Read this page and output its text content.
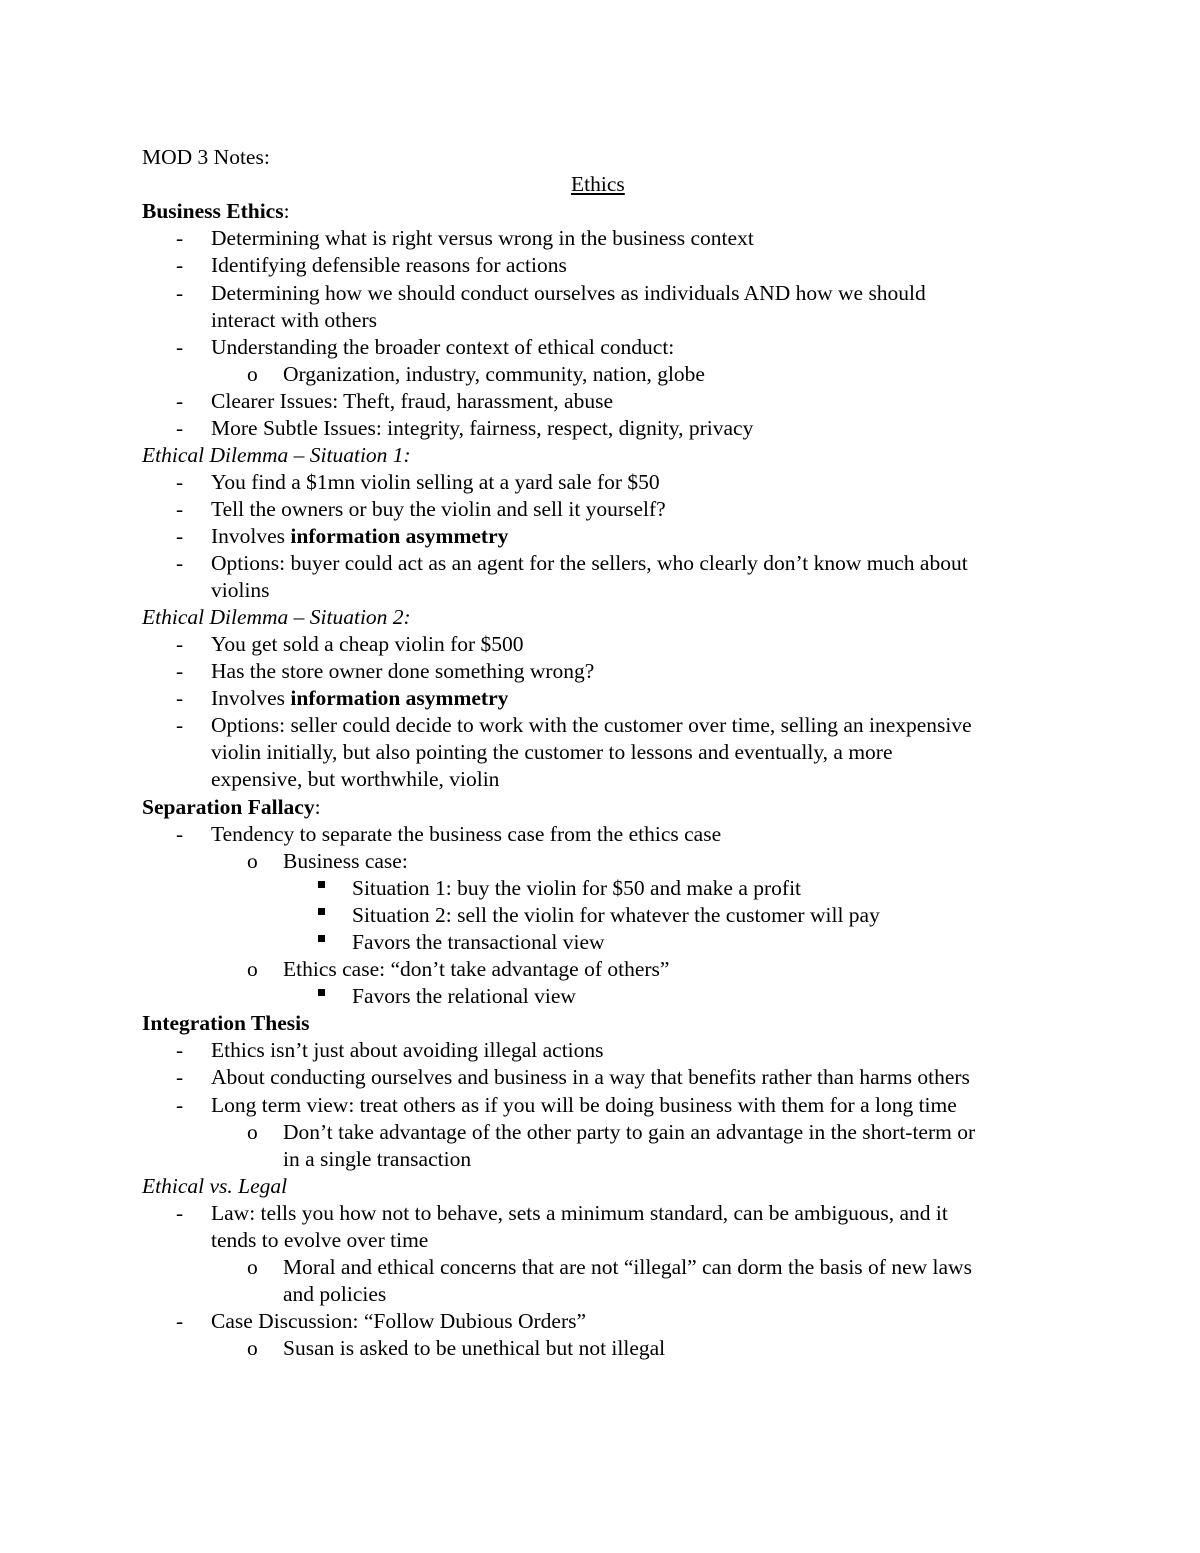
MOD 3 Notes:
Ethics
Business Ethics:
- Determining what is right versus wrong in the business context
- Identifying defensible reasons for actions
- Determining how we should conduct ourselves as individuals AND how we should
interact with others
- Understanding the broader context of ethical conduct:
o Organization, industry, community, nation, globe
- Clearer Issues: Theft, fraud, harassment, abuse
- More Subtle Issues: integrity, fairness, respect, dignity, privacy
Ethical Dilemma – Situation 1:
- You find a $1mn violin selling at a yard sale for $50
- Tell the owners or buy the violin and sell it yourself?
- Involves information asymmetry
- Options: buyer could act as an agent for the sellers, who clearly don’t know much about
violins
Ethical Dilemma – Situation 2:
- You get sold a cheap violin for $500
- Has the store owner done something wrong?
- Involves information asymmetry
- Options: seller could decide to work with the customer over time, selling an inexpensive
violin initially, but also pointing the customer to lessons and eventually, a more
expensive, but worthwhile, violin
Separation Fallacy:
- Tendency to separate the business case from the ethics case
o Business case:
Situation 1: buy the violin for $50 and make a profit
Situation 2: sell the violin for whatever the customer will pay
Favors the transactional view
o Ethics case: “don’t take advantage of others”
Favors the relational view
Integration Thesis
- Ethics isn’t just about avoiding illegal actions
- About conducting ourselves and business in a way that benefits rather than harms others
- Long term view: treat others as if you will be doing business with them for a long time
o Don’t take advantage of the other party to gain an advantage in the short-term or
in a single transaction
Ethical vs. Legal
- Law: tells you how not to behave, sets a minimum standard, can be ambiguous, and it
tends to evolve over time
o Moral and ethical concerns that are not “illegal” can dorm the basis of new laws
and policies
- Case Discussion: “Follow Dubious Orders”
o Susan is asked to be unethical but not illegal
